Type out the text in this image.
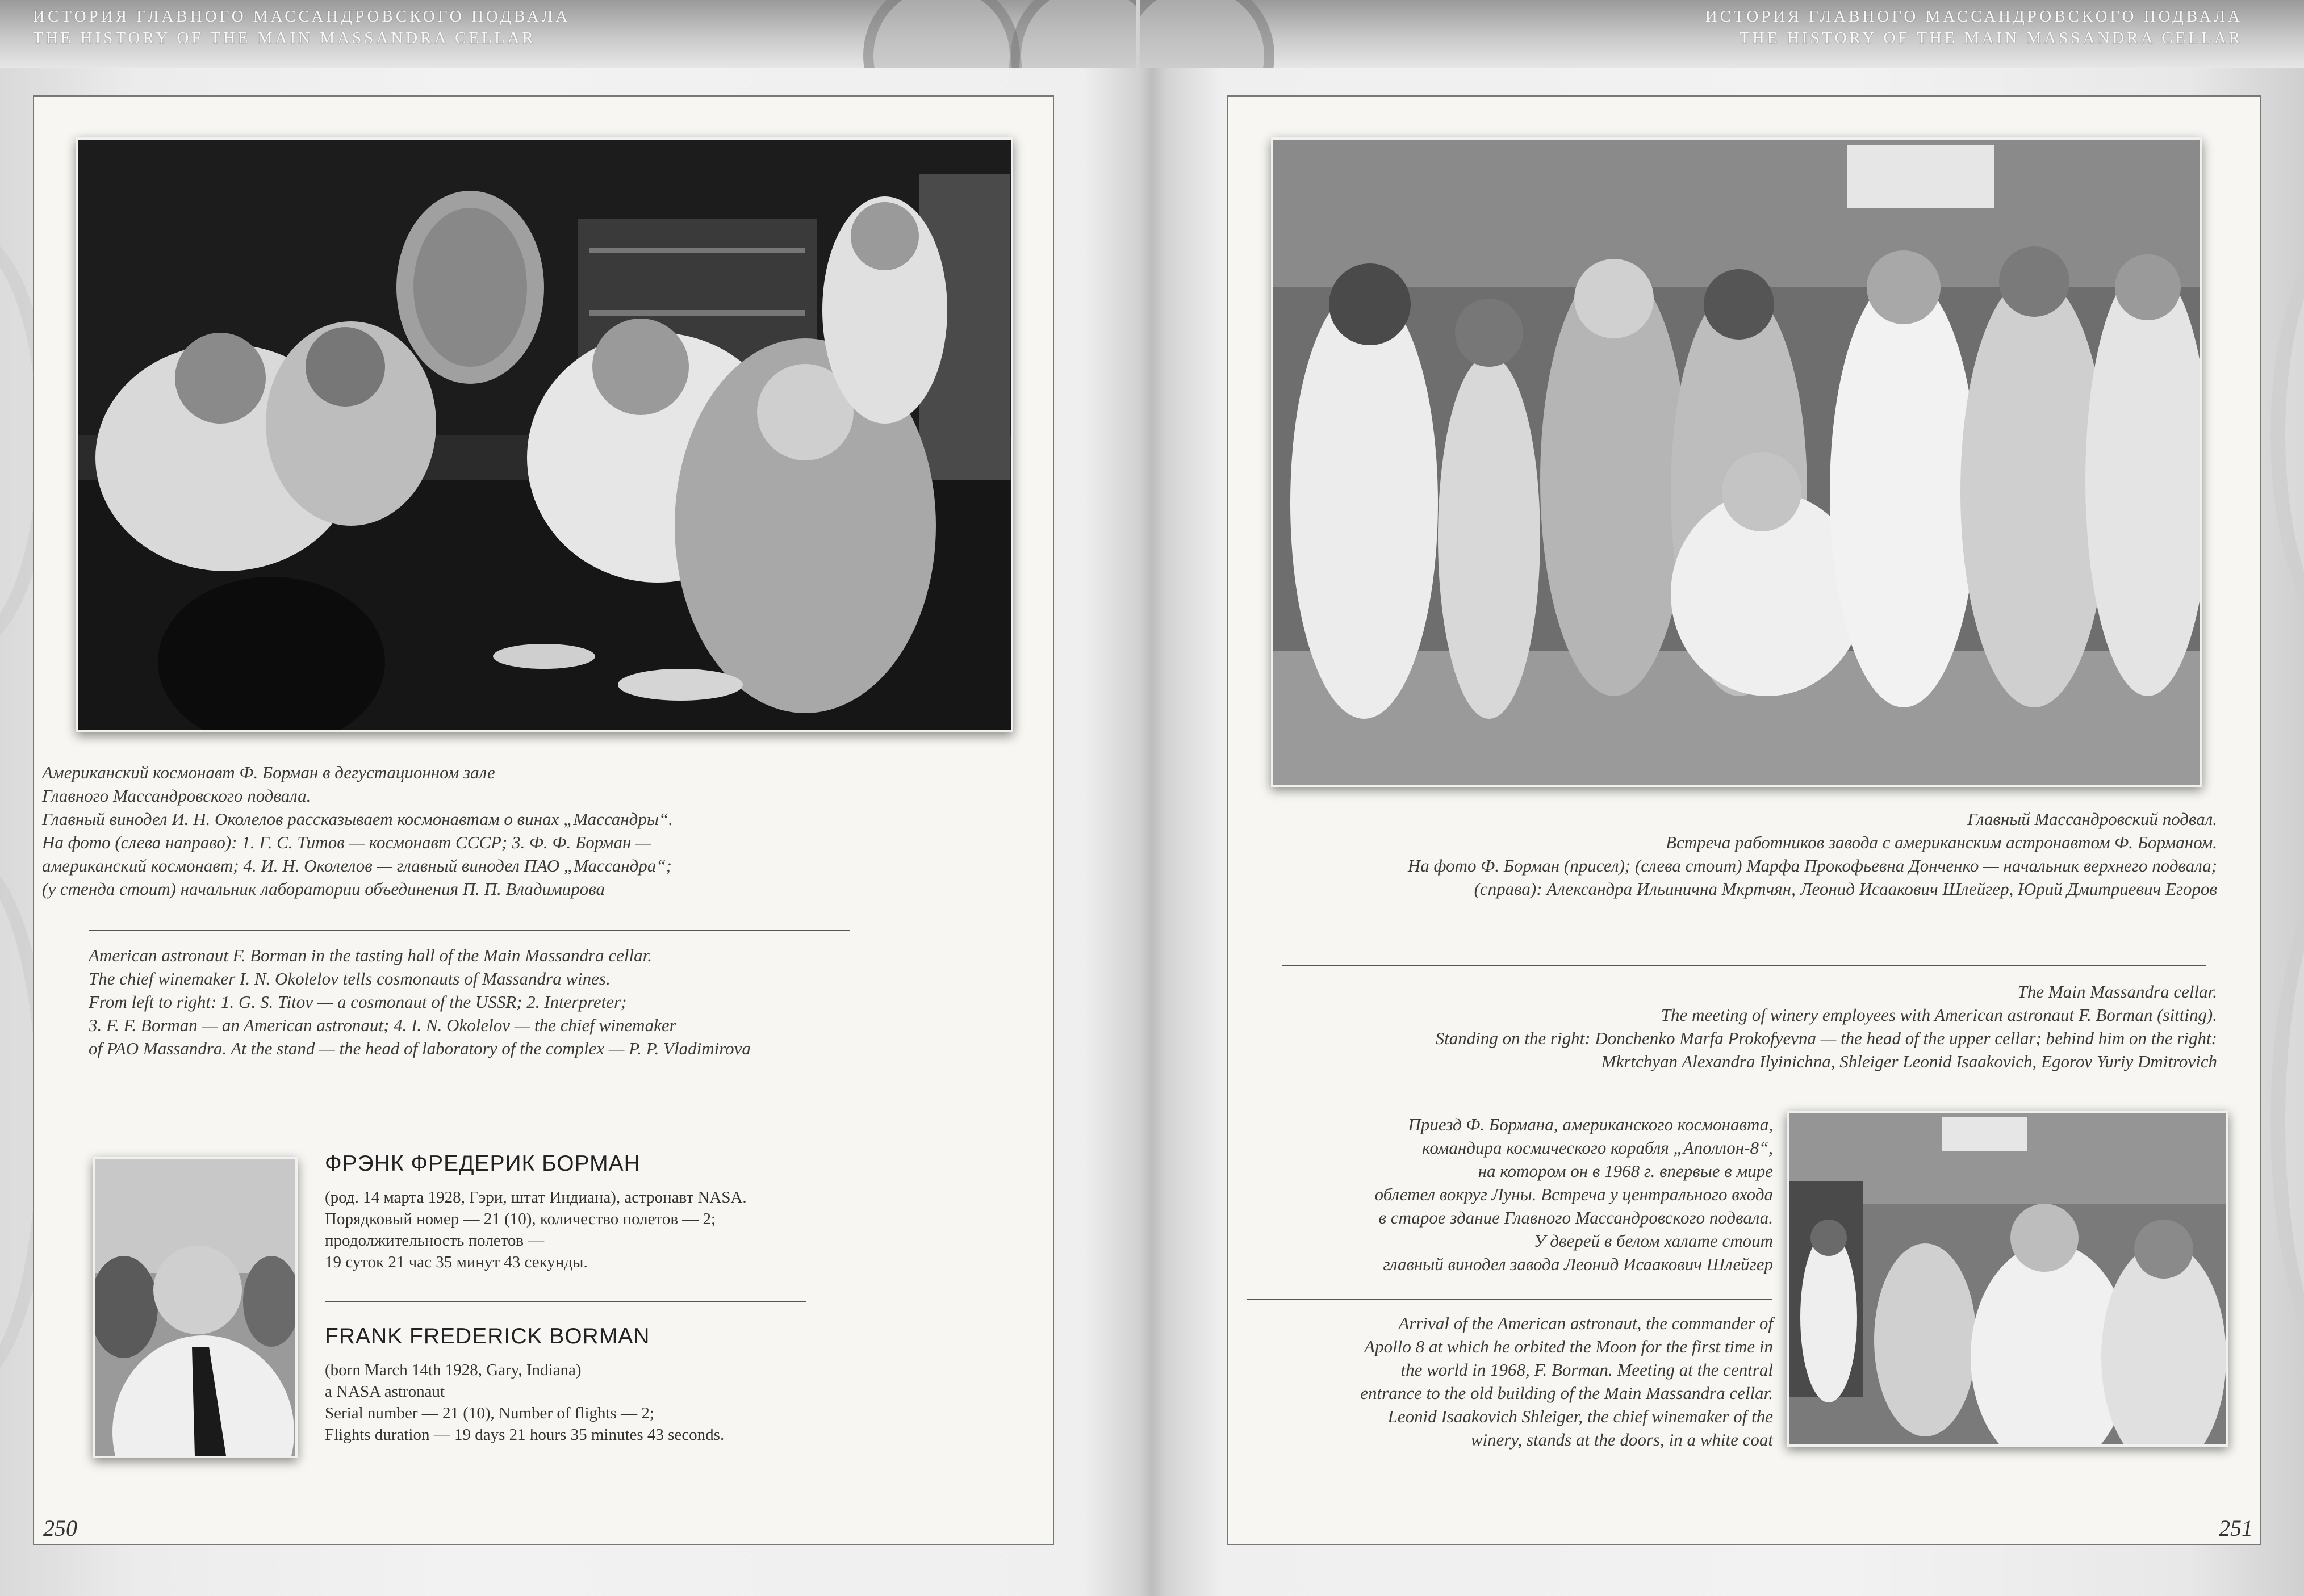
ИСТОРИЯ ГЛАВНОГО МАССАНДРОВСКОГО ПОДВАЛА
THE HISTORY OF THE MAIN MASSANDRA CELLAR
Американский космонавт Ф. Борман в дегустационном зале
Главного Массандровского подвала.
Главный винодел И. Н. Околелов рассказывает космонавтам о винах „Массандры“.
На фото (слева направо): 1. Г. С. Титов — космонавт СССР; 3. Ф. Ф. Борман —
американский космонавт; 4. И. Н. Околелов — главный винодел ПАО „Массандра“;
(у стенда стоит) начальник лаборатории объединения П. П. Владимирова
American astronaut F. Borman in the tasting hall of the Main Massandra cellar.
The chief winemaker I. N. Okolelov tells cosmonauts of Massandra wines.
From left to right: 1. G. S. Titov — a cosmonaut of the USSR; 2. Interpreter;
3. F. F. Borman — an American astronaut; 4. I. N. Okolelov — the chief winemaker
of PAO Massandra. At the stand — the head of laboratory of the complex — P. P. Vladimirova
ФРЭНК ФРЕДЕРИК БОРМАН
(род. 14 марта 1928, Гэри, штат Индиана), астронавт NASA.
Порядковый номер — 21 (10), количество полетов — 2;
продолжительность полетов —
19 суток 21 час 35 минут 43 секунды.
FRANK FREDERICK BORMAN
(born March 14th 1928, Gary, Indiana)
a NASA astronaut
Serial number — 21 (10), Number of flights — 2;
Flights duration — 19 days 21 hours 35 minutes 43 seconds.
250
ИСТОРИЯ ГЛАВНОГО МАССАНДРОВСКОГО ПОДВАЛА
THE HISTORY OF THE MAIN MASSANDRA CELLAR
Главный Массандровский подвал.
Встреча работников завода с американским астронавтом Ф. Борманом.
На фото Ф. Борман (присел); (слева стоит) Марфа Прокофьевна Донченко — начальник верхнего подвала;
(справа): Александра Ильинична Мкртчян, Леонид Исаакович Шлейгер, Юрий Дмитриевич Егоров
The Main Massandra cellar.
The meeting of winery employees with American astronaut F. Borman (sitting).
Standing on the right: Donchenko Marfa Prokofyevna — the head of the upper cellar; behind him on the right:
Mkrtchyan Alexandra Ilyinichna, Shleiger Leonid Isaakovich, Egorov Yuriy Dmitrovich
Приезд Ф. Бормана, американского космонавта,
командира космического корабля „Аполлон-8“,
на котором он в 1968 г. впервые в мире
облетел вокруг Луны. Встреча у центрального входа
в старое здание Главного Массандровского подвала.
У дверей в белом халате стоит
главный винодел завода Леонид Исаакович Шлейгер
Arrival of the American astronaut, the commander of
Apollo 8 at which he orbited the Moon for the first time in
the world in 1968, F. Borman. Meeting at the central
entrance to the old building of the Main Massandra cellar.
Leonid Isaakovich Shleiger, the chief winemaker of the
winery, stands at the doors, in a white coat
251
